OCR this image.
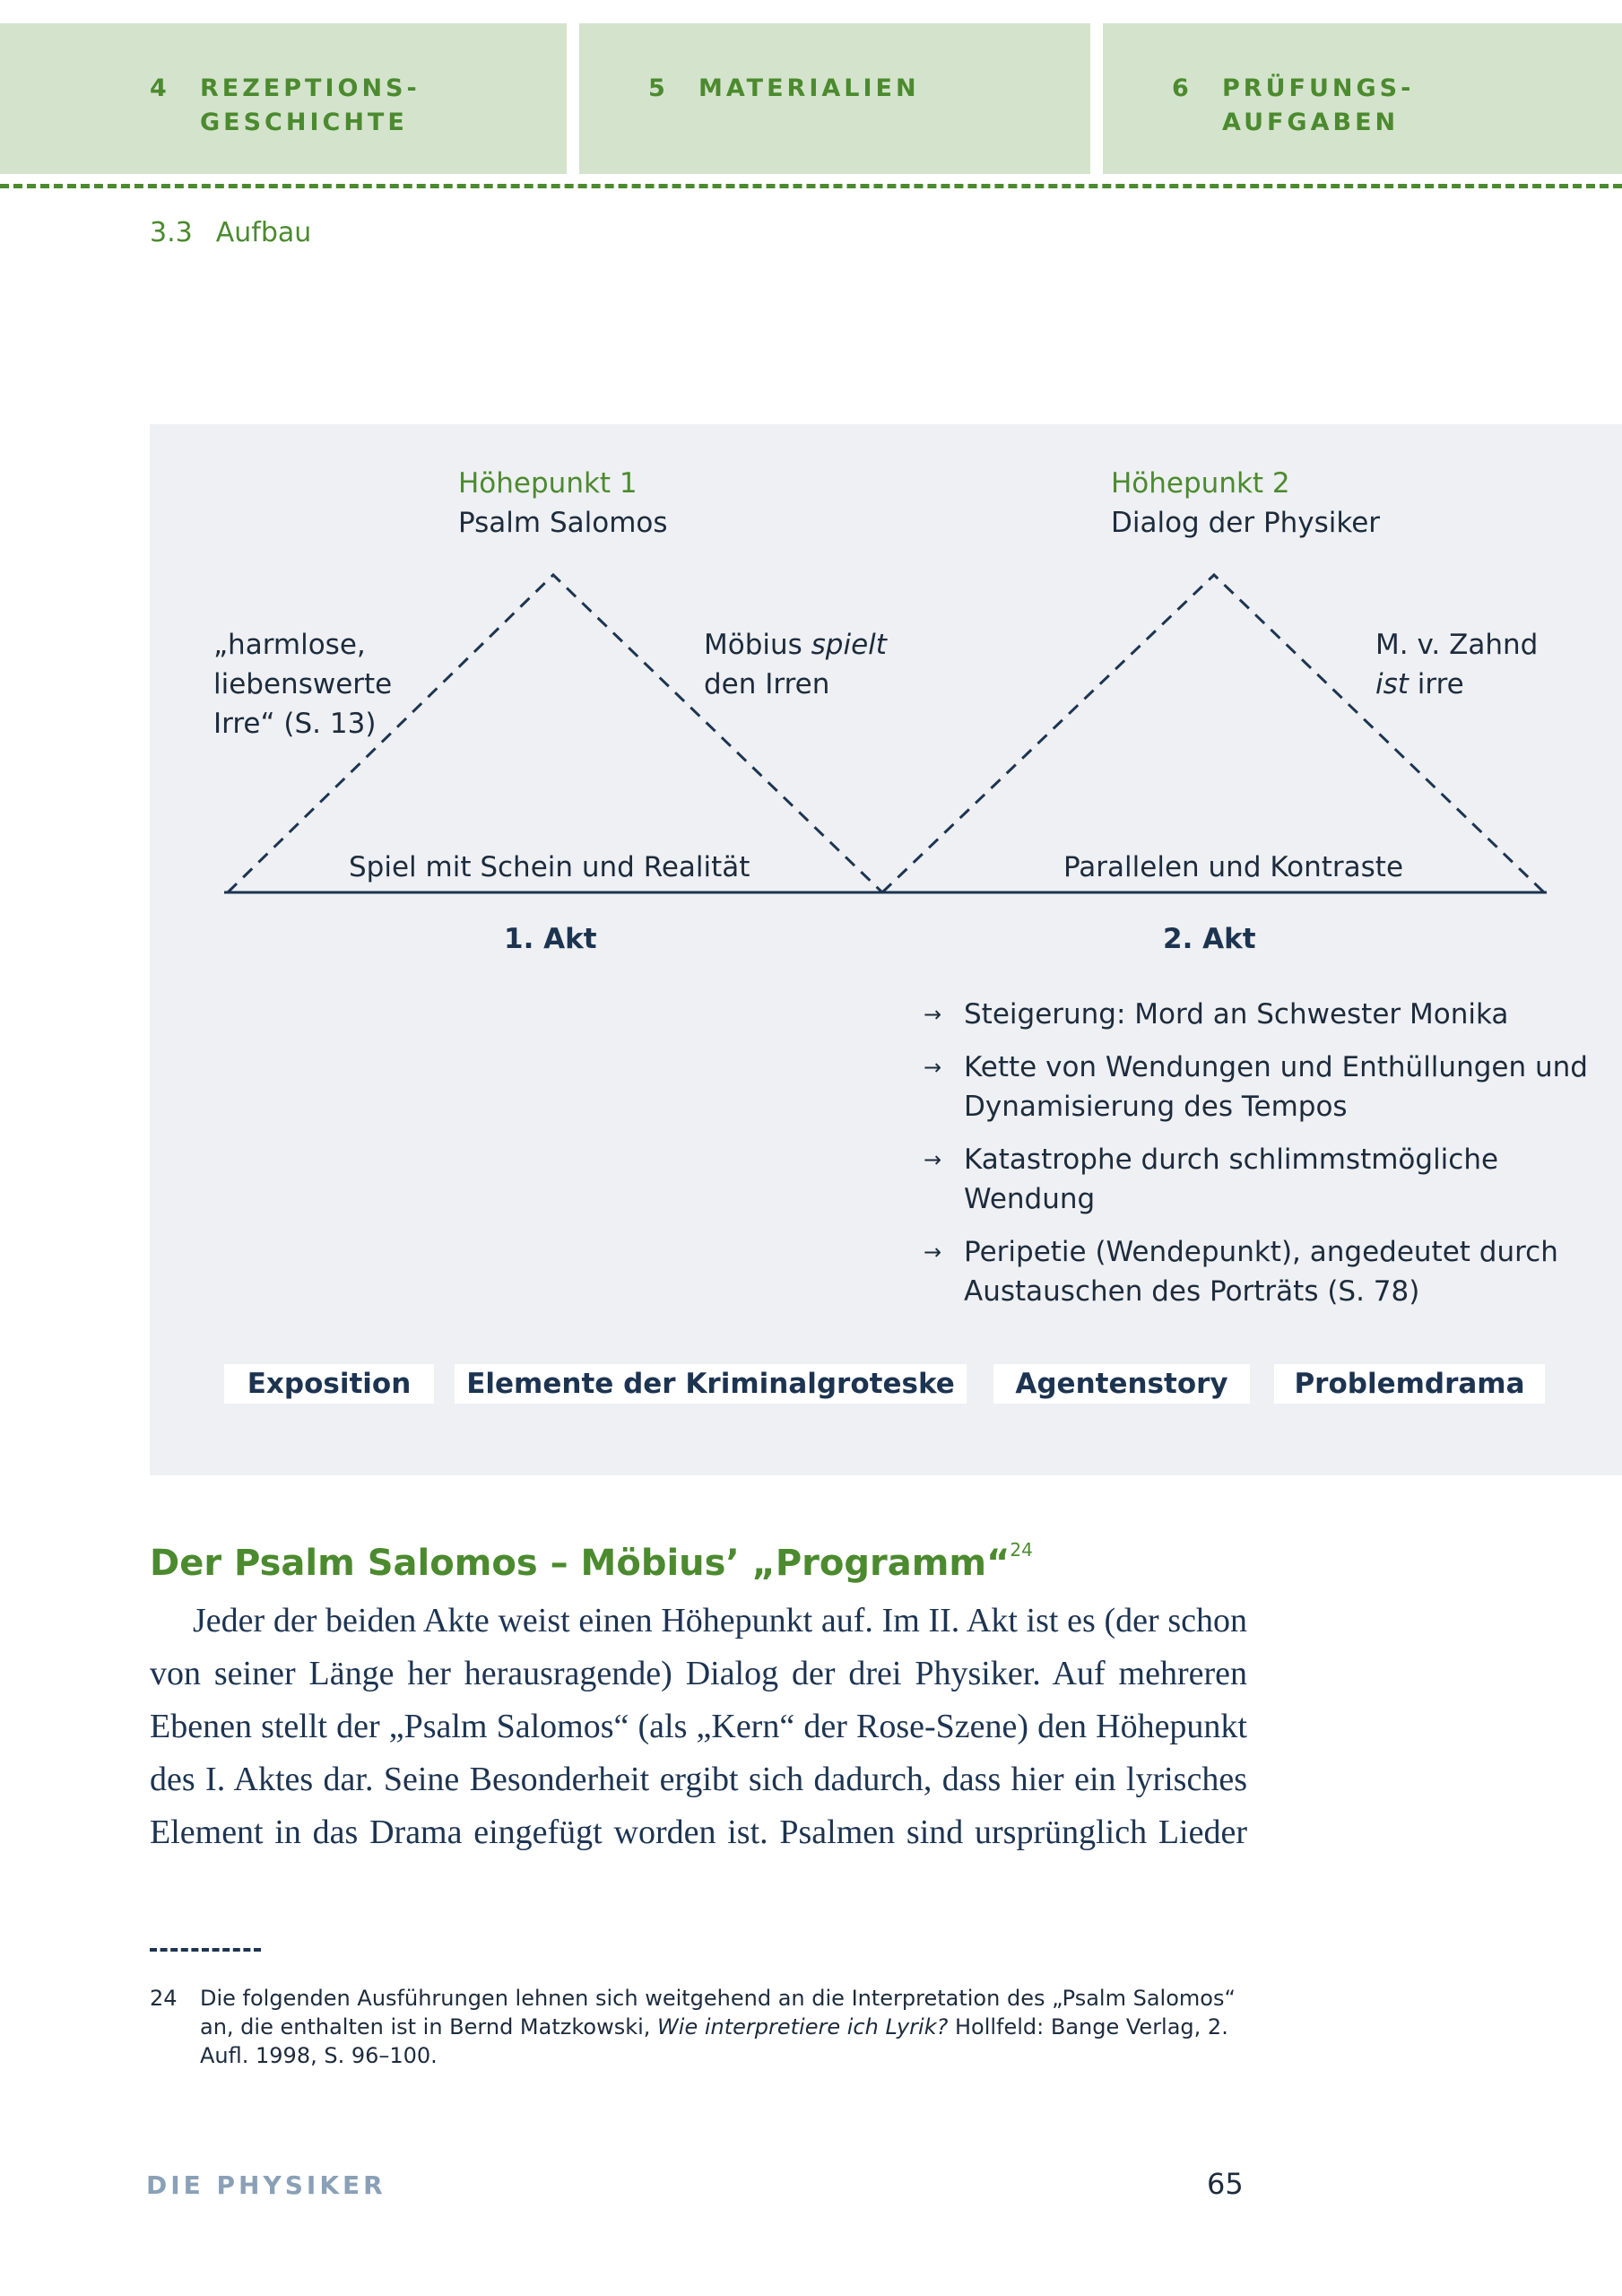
4 REZEPTIONS-
GESCHICHTE
5 MATERIALIEN	6 PRÜFUNGS-
AUFGABEN
3.3 Aufbau
Höhepunkt 1
Psalm Salomos
Höhepunkt 2
Dialog der Physiker
„harmlose,
liebenswerte
Irre“ (S. 13)
Möbius spielt
den Irren
M. v. Zahnd
ist irre
Spiel mit Schein und Realität	Parallelen und Kontraste
1. Akt	2. Akt
→ Steigerung: Mord an Schwester Monika
→ Kette von Wendungen und Enthüllungen und Dynamisierung des Tempos
→ Katastrophe durch schlimmstmögliche Wendung
→ Peripetie (Wendepunkt), angedeutet durch Austauschen des Porträts (S. 78)
Exposition	Elemente der Kriminalgroteske	Agentenstory	Problemdrama
Der Psalm Salomos – Möbius’ „Programm“$^{24}$

Jeder der beiden Akte weist einen Höhepunkt auf. Im II. Akt ist es (der schon von seiner Länge her herausragende) Dialog der drei Physiker. Auf mehreren Ebenen stellt der „Psalm Salomos“ (als „Kern“ der Rose-Szene) den Höhepunkt des I. Aktes dar. Seine Besonderheit ergibt sich dadurch, dass hier ein lyrisches Element in das Drama eingefügt worden ist. Psalmen sind ursprünglich Lieder

24 Die folgenden Ausführungen lehnen sich weitgehend an die Interpretation des „Psalm Salomos“ an, die enthalten ist in Bernd Matzkowski, Wie interpretiere ich Lyrik? Hollfeld: Bange Verlag, 2. Aufl. 1998, S. 96–100.
DIE PHYSIKER	65
